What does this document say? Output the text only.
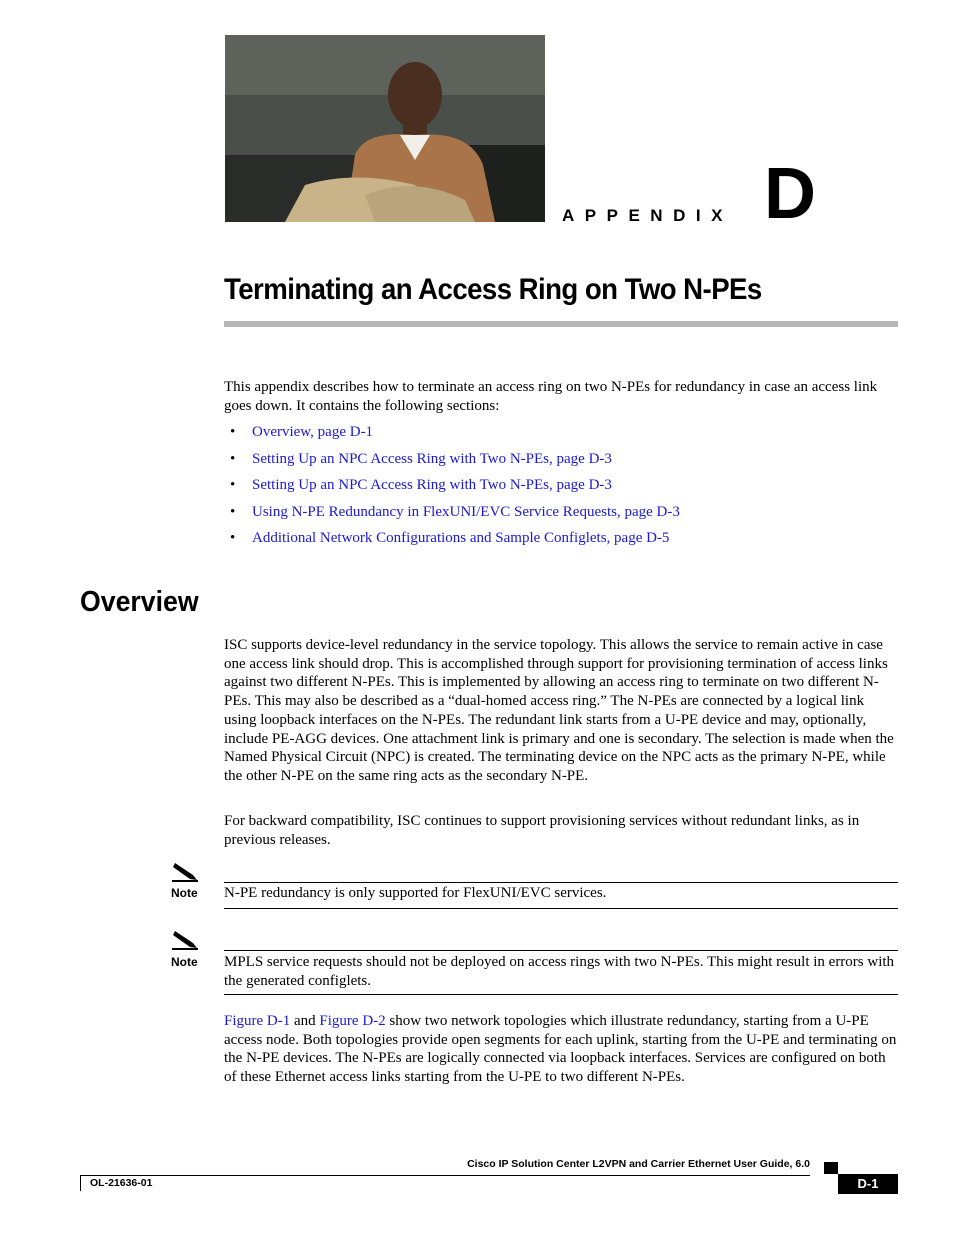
APPENDIX D
Terminating an Access Ring on Two N-PEs
This appendix describes how to terminate an access ring on two N-PEs for redundancy in case an access link goes down. It contains the following sections:
• Overview, page D-1
• Setting Up an NPC Access Ring with Two N-PEs, page D-3
• Setting Up an NPC Access Ring with Two N-PEs, page D-3
• Using N-PE Redundancy in FlexUNI/EVC Service Requests, page D-3
• Additional Network Configurations and Sample Configlets, page D-5
Overview
ISC supports device-level redundancy in the service topology. This allows the service to remain active in case one access link should drop. This is accomplished through support for provisioning termination of access links against two different N-PEs. This is implemented by allowing an access ring to terminate on two different N-PEs. This may also be described as a “dual-homed access ring.” The N-PEs are connected by a logical link using loopback interfaces on the N-PEs. The redundant link starts from a U-PE device and may, optionally, include PE-AGG devices. One attachment link is primary and one is secondary. The selection is made when the Named Physical Circuit (NPC) is created. The terminating device on the NPC acts as the primary N-PE, while the other N-PE on the same ring acts as the secondary N-PE.
For backward compatibility, ISC continues to support provisioning services without redundant links, as in previous releases.
Note N-PE redundancy is only supported for FlexUNI/EVC services.
Note MPLS service requests should not be deployed on access rings with two N-PEs. This might result in errors with the generated configlets.
Figure D-1 and Figure D-2 show two network topologies which illustrate redundancy, starting from a U-PE access node. Both topologies provide open segments for each uplink, starting from the U-PE and terminating on the N-PE devices. The N-PEs are logically connected via loopback interfaces. Services are configured on both of these Ethernet access links starting from the U-PE to two different N-PEs.
Cisco IP Solution Center L2VPN and Carrier Ethernet User Guide, 6.0
OL-21636-01	D-1
